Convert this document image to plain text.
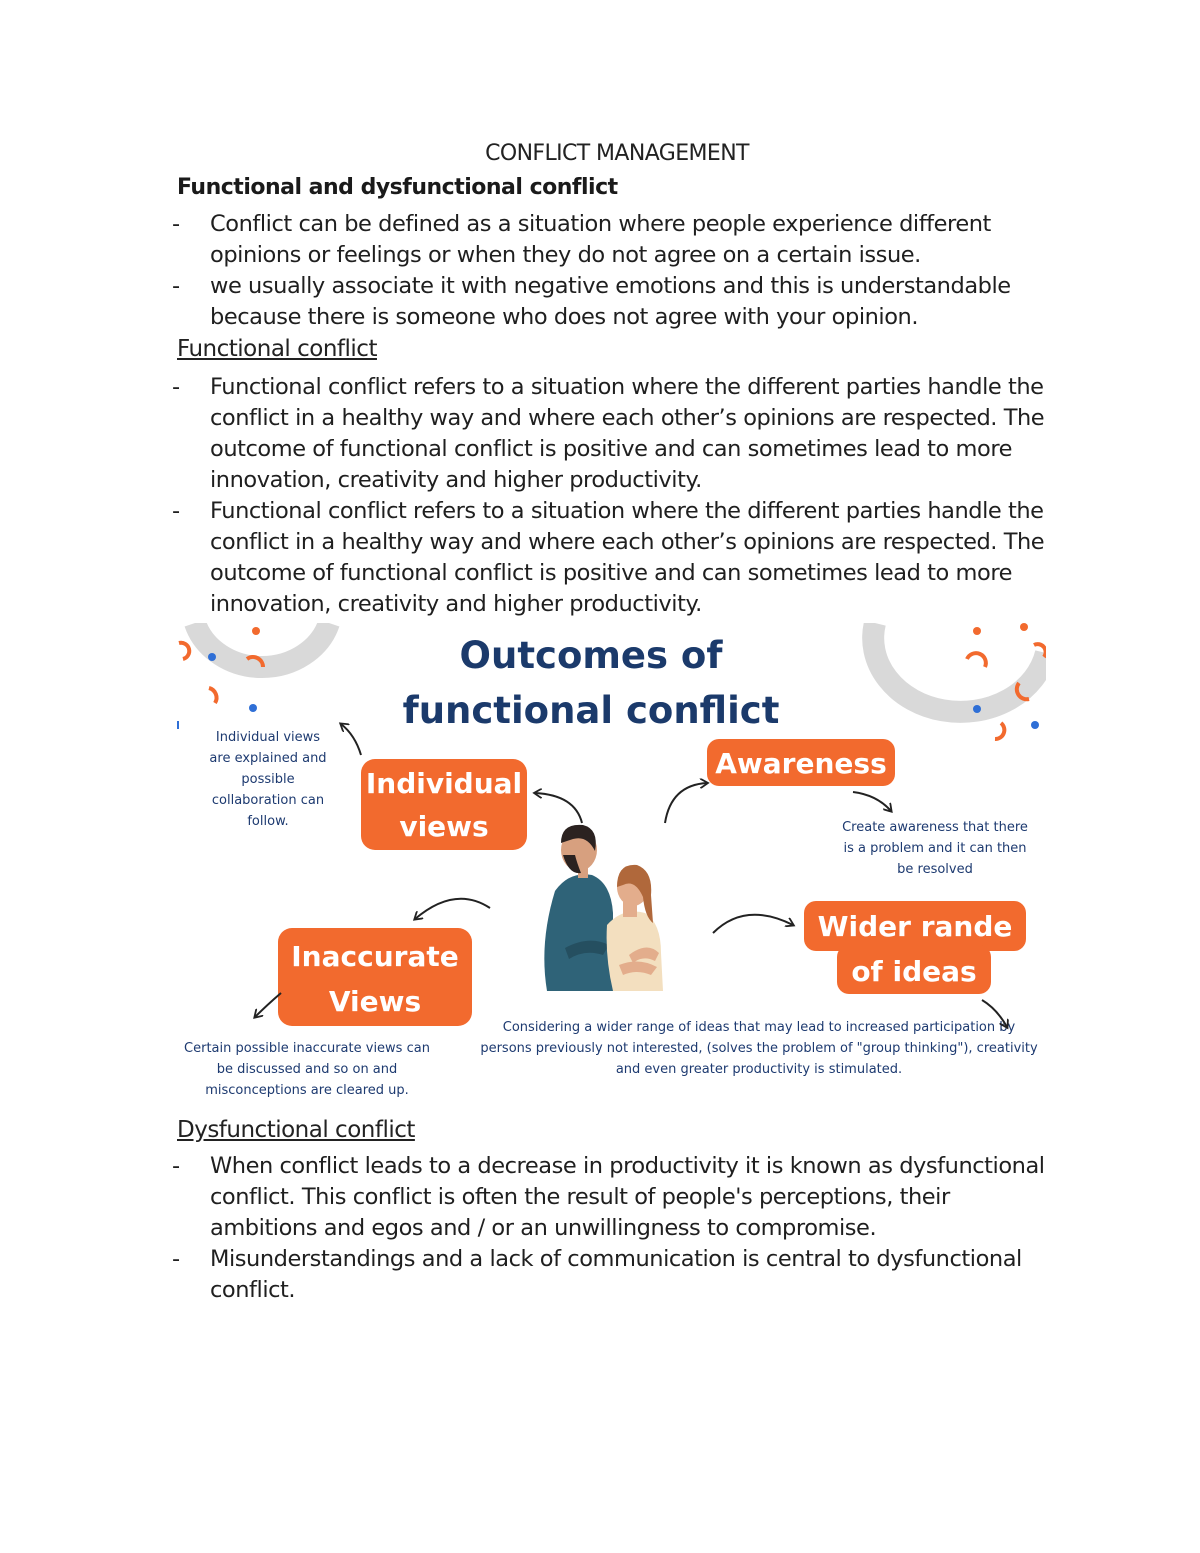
CONFLICT MANAGEMENT
Functional and dysfunctional conflict
- Conflict can be defined as a situation where people experience different opinions or feelings or when they do not agree on a certain issue.
- we usually associate it with negative emotions and this is understandable because there is someone who does not agree with your opinion.
Functional conflict
- Functional conflict refers to a situation where the different parties handle the conflict in a healthy way and where each other’s opinions are respected. The outcome of functional conflict is positive and can sometimes lead to more innovation, creativity and higher productivity.
- Functional conflict refers to a situation where the different parties handle the conflict in a healthy way and where each other’s opinions are respected. The outcome of functional conflict is positive and can sometimes lead to more innovation, creativity and higher productivity.
Outcomes of
functional conflict
Individual
views
Individual views
are explained and
possible
collaboration can
follow.
Awareness
Create awareness that there
is a problem and it can then
be resolved
Inaccurate
Views
Certain possible inaccurate views can
be discussed and so on and
misconceptions are cleared up.
Wider rande
of ideas
Considering a wider range of ideas that may lead to increased participation by
persons previously not interested, (solves the problem of "group thinking"), creativity
and even greater productivity is stimulated.
Dysfunctional conflict
- When conflict leads to a decrease in productivity it is known as dysfunctional conflict. This conflict is often the result of people's perceptions, their ambitions and egos and / or an unwillingness to compromise.
- Misunderstandings and a lack of communication is central to dysfunctional conflict.
